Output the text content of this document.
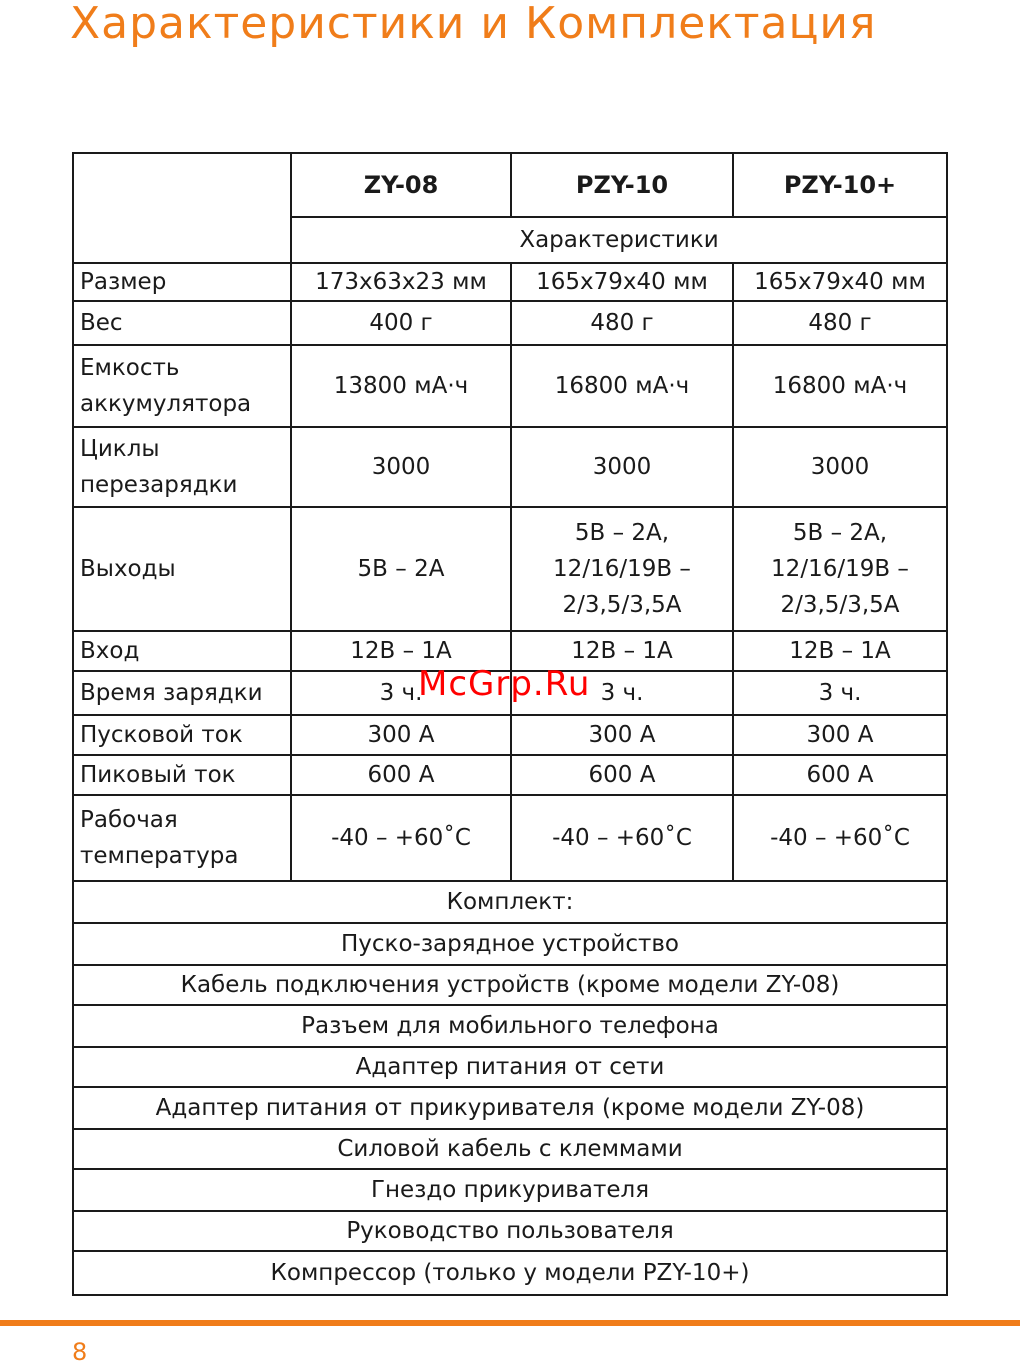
Характеристики и Комплектация
	ZY-08	PZY-10	PZY-10+
	Характеристики		
Размер	173х63х23 мм	165х79х40 мм	165х79х40 мм
Вес	400 г	480 г	480 г
Емкость аккумулятора	13800 мА·ч	16800 мА·ч	16800 мА·ч
Циклы перезарядки	3000	3000	3000
Выходы	5В – 2А	5В – 2А, 12/16/19В – 2/3,5/3,5А	5В – 2А, 12/16/19В – 2/3,5/3,5А
Вход	12В – 1А	12В – 1А	12В – 1А
Время зарядки	3 ч.	3 ч.	3 ч.
Пусковой ток	300 А	300 А	300 А
Пиковый ток	600 А	600 А	600 А
Рабочая температура	-40 – +60˚С	-40 – +60˚С	-40 – +60˚С
Комплект:			
Пуско-зарядное устройство			
Кабель подключения устройств (кроме модели ZY-08)			
Разъем для мобильного телефона			
Адаптер питания от сети			
Адаптер питания от прикуривателя (кроме модели ZY-08)			
Силовой кабель с клеммами			
Гнездо прикуривателя			
Руководство пользователя			
Компрессор (только у модели PZY-10+)			
McGrp.Ru
8
